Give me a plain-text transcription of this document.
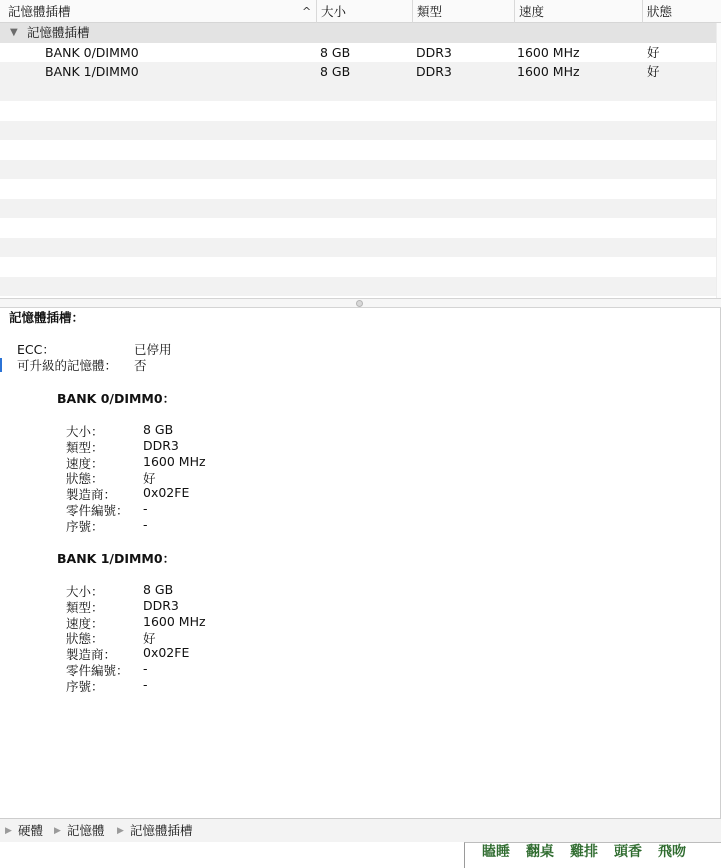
記憶體插槽	^ 大小	類型	速度	狀態
▼ 記憶體插槽
BANK 0/DIMM0	8 GB	DDR3	1600 MHz	好
BANK 1/DIMM0	8 GB	DDR3	1600 MHz	好
記憶體插槽：
ECC：	已停用
可升級的記憶體： 否
BANK 0/DIMM0：
大小：	8 GB
類型：	DDR3
速度：	1600 MHz
狀態：	好
製造商： 0x02FE
零件編號： -
序號：	-
BANK 1/DIMM0：
大小：	8 GB
類型：	DDR3
速度：	1600 MHz
狀態：	好
製造商： 0x02FE
零件編號： -
序號：	-
▶ 硬體 ▶ 記憶體 ▶ 記憶體插槽
瞌睡 翻桌 雞排 頭香 飛吻
